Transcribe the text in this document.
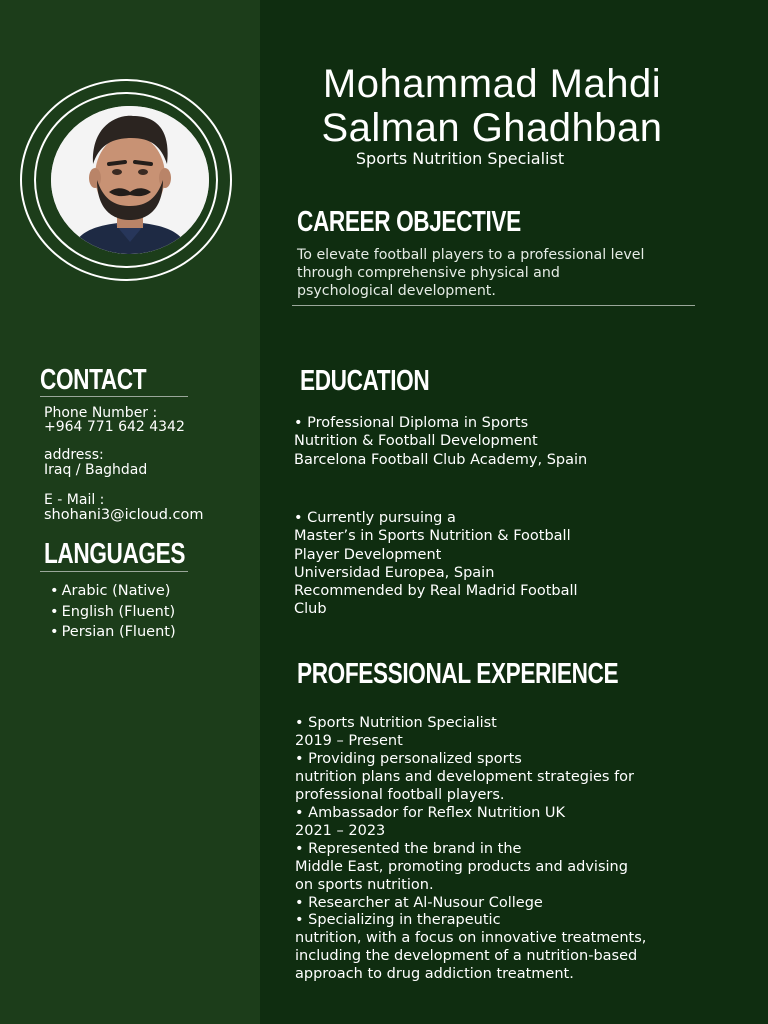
Mohammad Mahdi
Salman Ghadhban
Sports Nutrition Specialist
CAREER OBJECTIVE
To elevate football players to a professional level
through comprehensive physical and
psychological development.
CONTACT
Phone Number :
+964 771 642 4342
address:
Iraq / Baghdad
E - Mail :
shohani3@icloud.com
LANGUAGES
• Arabic (Native)
• English (Fluent)
• Persian (Fluent)
EDUCATION
• Professional Diploma in Sports
Nutrition & Football Development
Barcelona Football Club Academy, Spain
• Currently pursuing a
Master’s in Sports Nutrition & Football
Player Development
Universidad Europea, Spain
Recommended by Real Madrid Football
Club
PROFESSIONAL EXPERIENCE
• Sports Nutrition Specialist
2019 – Present
• Providing personalized sports
nutrition plans and development strategies for
professional football players.
• Ambassador for Reflex Nutrition UK
2021 – 2023
• Represented the brand in the
Middle East, promoting products and advising
on sports nutrition.
• Researcher at Al-Nusour College
• Specializing in therapeutic
nutrition, with a focus on innovative treatments,
including the development of a nutrition-based
approach to drug addiction treatment.
